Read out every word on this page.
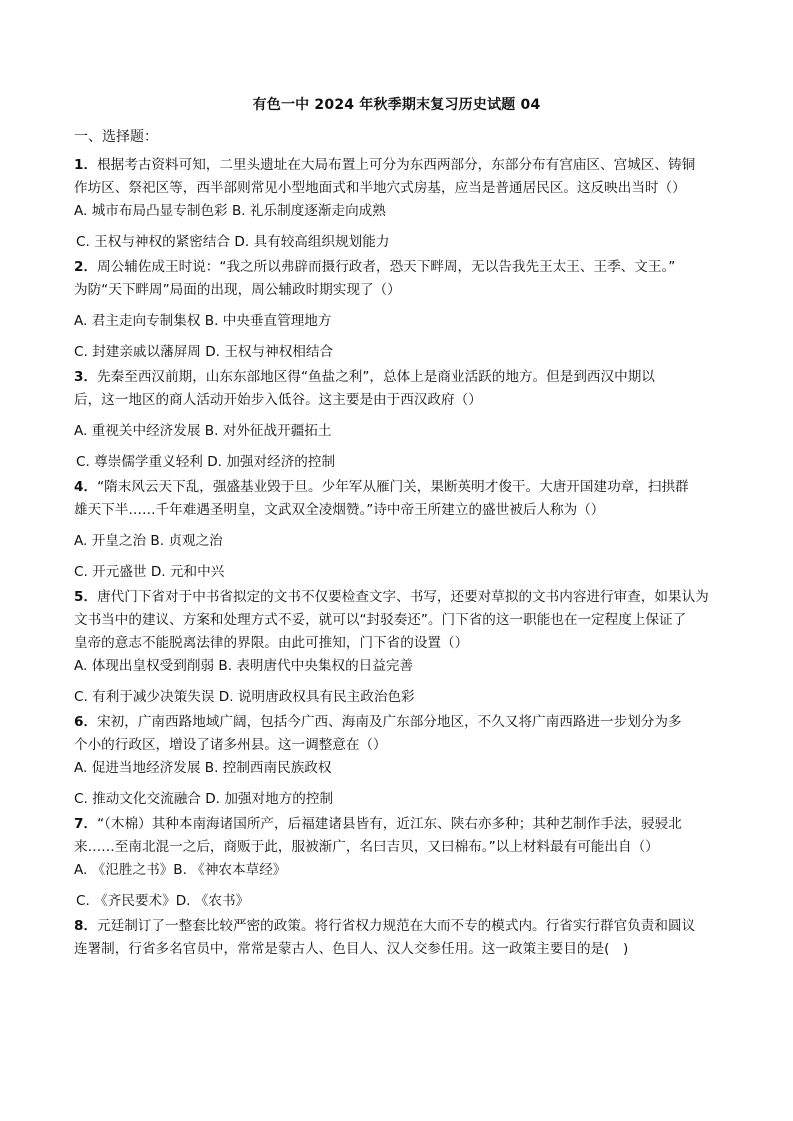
有色一中 2024 年秋季期末复习历史试题 04
一、选择题：
1．根据考古资料可知，二里头遗址在大局布置上可分为东西两部分，东部分布有宫庙区、宫城区、铸铜
作坊区、祭祀区等，西半部则常见小型地面式和半地穴式房基，应当是普通居民区。这反映出当时（）
A. 城市布局凸显专制色彩 B. 礼乐制度逐渐走向成熟
C. 王权与神权的紧密结合 D. 具有较高组织规划能力
2．周公辅佐成王时说：“我之所以弗辟而摄行政者，恐天下畔周，无以告我先王太王、王季、文王。”
为防“天下畔周”局面的出现，周公辅政时期实现了（）
A. 君主走向专制集权 B. 中央垂直管理地方
C. 封建亲戚以藩屏周 D. 王权与神权相结合
3．先秦至西汉前期，山东东部地区得“鱼盐之利”，总体上是商业活跃的地方。但是到西汉中期以
后，这一地区的商人活动开始步入低谷。这主要是由于西汉政府（）
A. 重视关中经济发展 B. 对外征战开疆拓土
C. 尊崇儒学重义轻利 D. 加强对经济的控制
4．“隋末风云天下乱，强盛基业毁于旦。少年军从雁门关，果断英明才俊干。大唐开国建功章，扫拱群
雄天下半……千年难遇圣明皇，文武双全凌烟赞。”诗中帝王所建立的盛世被后人称为（）
A. 开皇之治 B. 贞观之治
C. 开元盛世 D. 元和中兴
5．唐代门下省对于中书省拟定的文书不仅要检查文字、书写，还要对草拟的文书内容进行审查，如果认为
文书当中的建议、方案和处理方式不妥，就可以“封驳奏还”。门下省的这一职能也在一定程度上保证了
皇帝的意志不能脱离法律的界限。由此可推知，门下省的设置（）
A. 体现出皇权受到削弱 B. 表明唐代中央集权的日益完善
C. 有利于减少决策失误 D. 说明唐政权具有民主政治色彩
6．宋初，广南西路地域广阔，包括今广西、海南及广东部分地区，不久又将广南西路进一步划分为多
个小的行政区，增设了诸多州县。这一调整意在（）
A. 促进当地经济发展 B. 控制西南民族政权
C. 推动文化交流融合 D. 加强对地方的控制
7．“（木棉）其种本南海诸国所产，后福建诸县皆有，近江东、陕右亦多种；其种艺制作手法，骎骎北
来……至南北混一之后，商贩于此，服被渐广，名曰吉贝，又曰棉布。”以上材料最有可能出自（）
A. 《氾胜之书》B. 《神农本草经》
C. 《齐民要术》D. 《农书》
8．元廷制订了一整套比较严密的政策。将行省权力规范在大而不专的模式内。行省实行群官负责和圆议
连署制，行省多名官员中，常常是蒙古人、色目人、汉人交参任用。这一政策主要目的是(　)
